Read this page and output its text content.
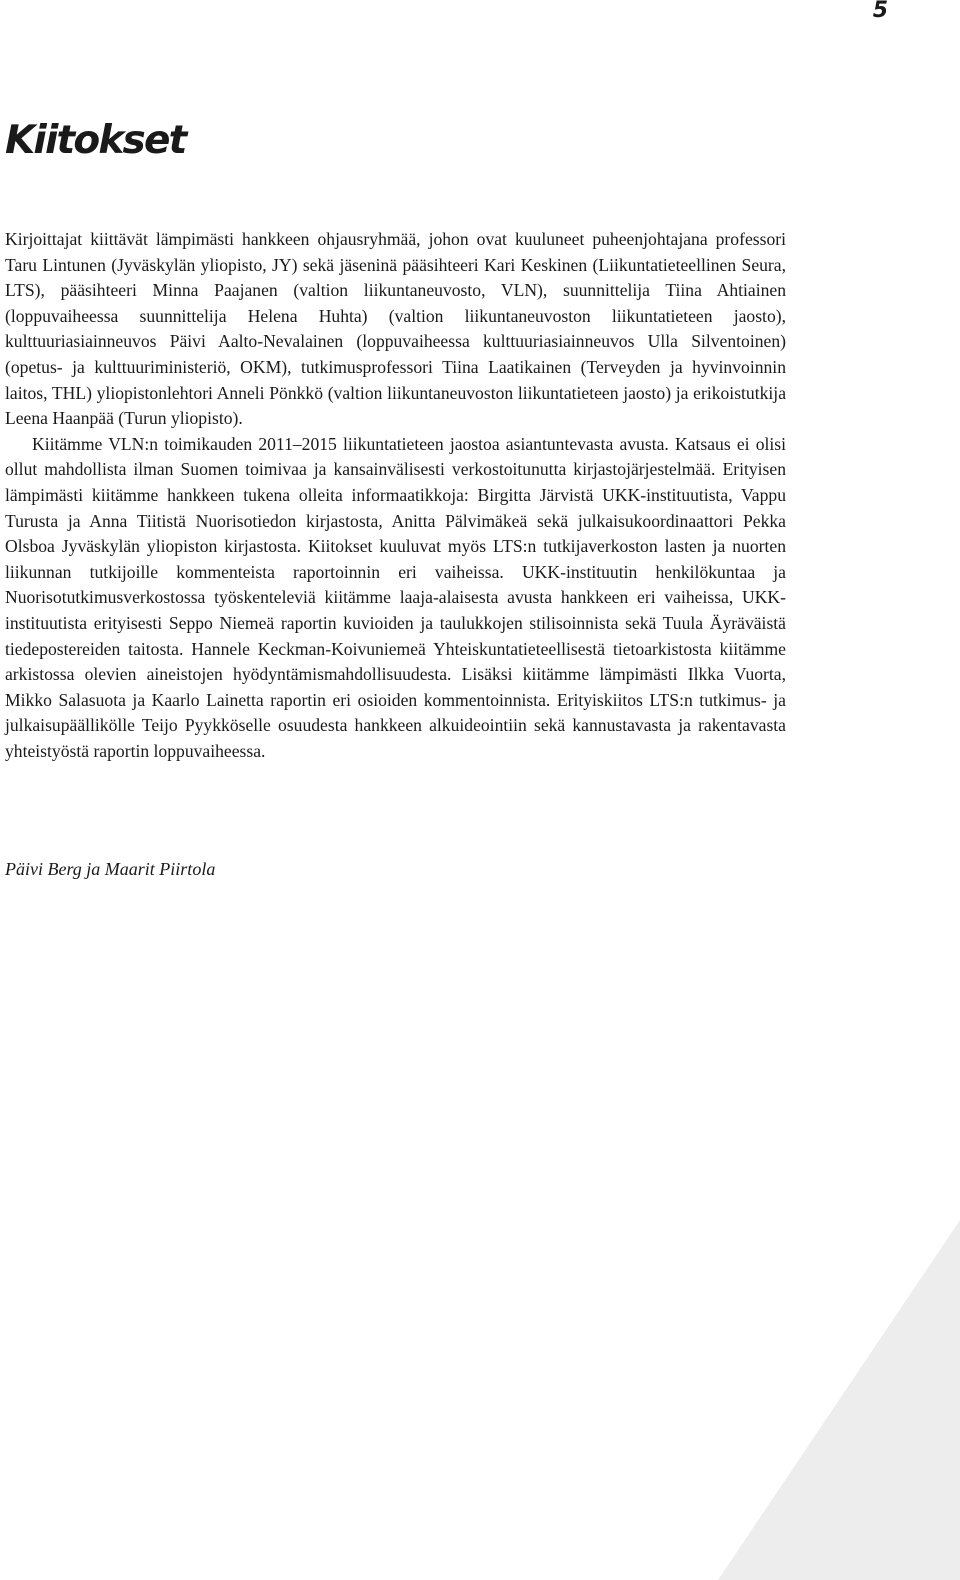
5
Kiitokset

Kirjoittajat kiittävät lämpimästi hankkeen ohjausryhmää, johon ovat kuuluneet puheenjohtajana professori Taru Lintunen (Jyväskylän yliopisto, JY) sekä jäseninä pääsihteeri Kari Keskinen (Liikuntatieteellinen Seura, LTS), pääsihteeri Minna Paajanen (valtion liikuntaneuvosto, VLN), suunnittelija Tiina Ahtiainen (loppuvaiheessa suunnittelija Helena Huhta) (valtion liikuntaneuvoston liikuntatieteen jaosto), kulttuuriasiainneuvos Päivi Aalto-Nevalainen (loppuvaiheessa kulttuuriasiainneuvos Ulla Silventoinen) (opetus- ja kulttuuriministeriö, OKM), tutkimusprofessori Tiina Laatikainen (Terveyden ja hyvinvoinnin laitos, THL) yliopistonlehtori Anneli Pönkkö (valtion liikuntaneuvoston liikuntatieteen jaosto) ja erikoistutkija Leena Haanpää (Turun yliopisto).

Kiitämme VLN:n toimikauden 2011–2015 liikuntatieteen jaostoa asiantuntevasta avusta. Katsaus ei olisi ollut mahdollista ilman Suomen toimivaa ja kansainvälisesti verkostoitunutta kirjastojärjestelmää. Erityisen lämpimästi kiitämme hankkeen tukena olleita informaatikkoja: Birgitta Järvistä UKK-instituutista, Vappu Turusta ja Anna Tiitistä Nuorisotiedon kirjastosta, Anitta Pälvimäkeä sekä julkaisukoordinaattori Pekka Olsboa Jyväskylän yliopiston kirjastosta. Kiitokset kuuluvat myös LTS:n tutkijaverkoston lasten ja nuorten liikunnan tutkijoille kommenteista raportoinnin eri vaiheissa. UKK-instituutin henkilökuntaa ja Nuorisotutkimusverkostossa työskenteleviä kiitämme laaja-alaisesta avusta hankkeen eri vaiheissa, UKK-instituutista erityisesti Seppo Niemeä raportin kuvioiden ja taulukkojen stilisoinnista sekä Tuula Äyräväistä tiedepostereiden taitosta. Hannele Keckman-Koivuniemeä Yhteiskuntatieteellisestä tietoarkistosta kiitämme arkistossa olevien aineistojen hyödyntämismahdollisuudesta. Lisäksi kiitämme lämpimästi Ilkka Vuorta, Mikko Salasuota ja Kaarlo Lainetta raportin eri osioiden kommentoinnista. Erityiskiitos LTS:n tutkimus- ja julkaisupäällikölle Teijo Pyykköselle osuudesta hankkeen alkuideointiin sekä kannustavasta ja rakentavasta yhteistyöstä raportin loppuvaiheessa.

Päivi Berg ja Maarit Piirtola
